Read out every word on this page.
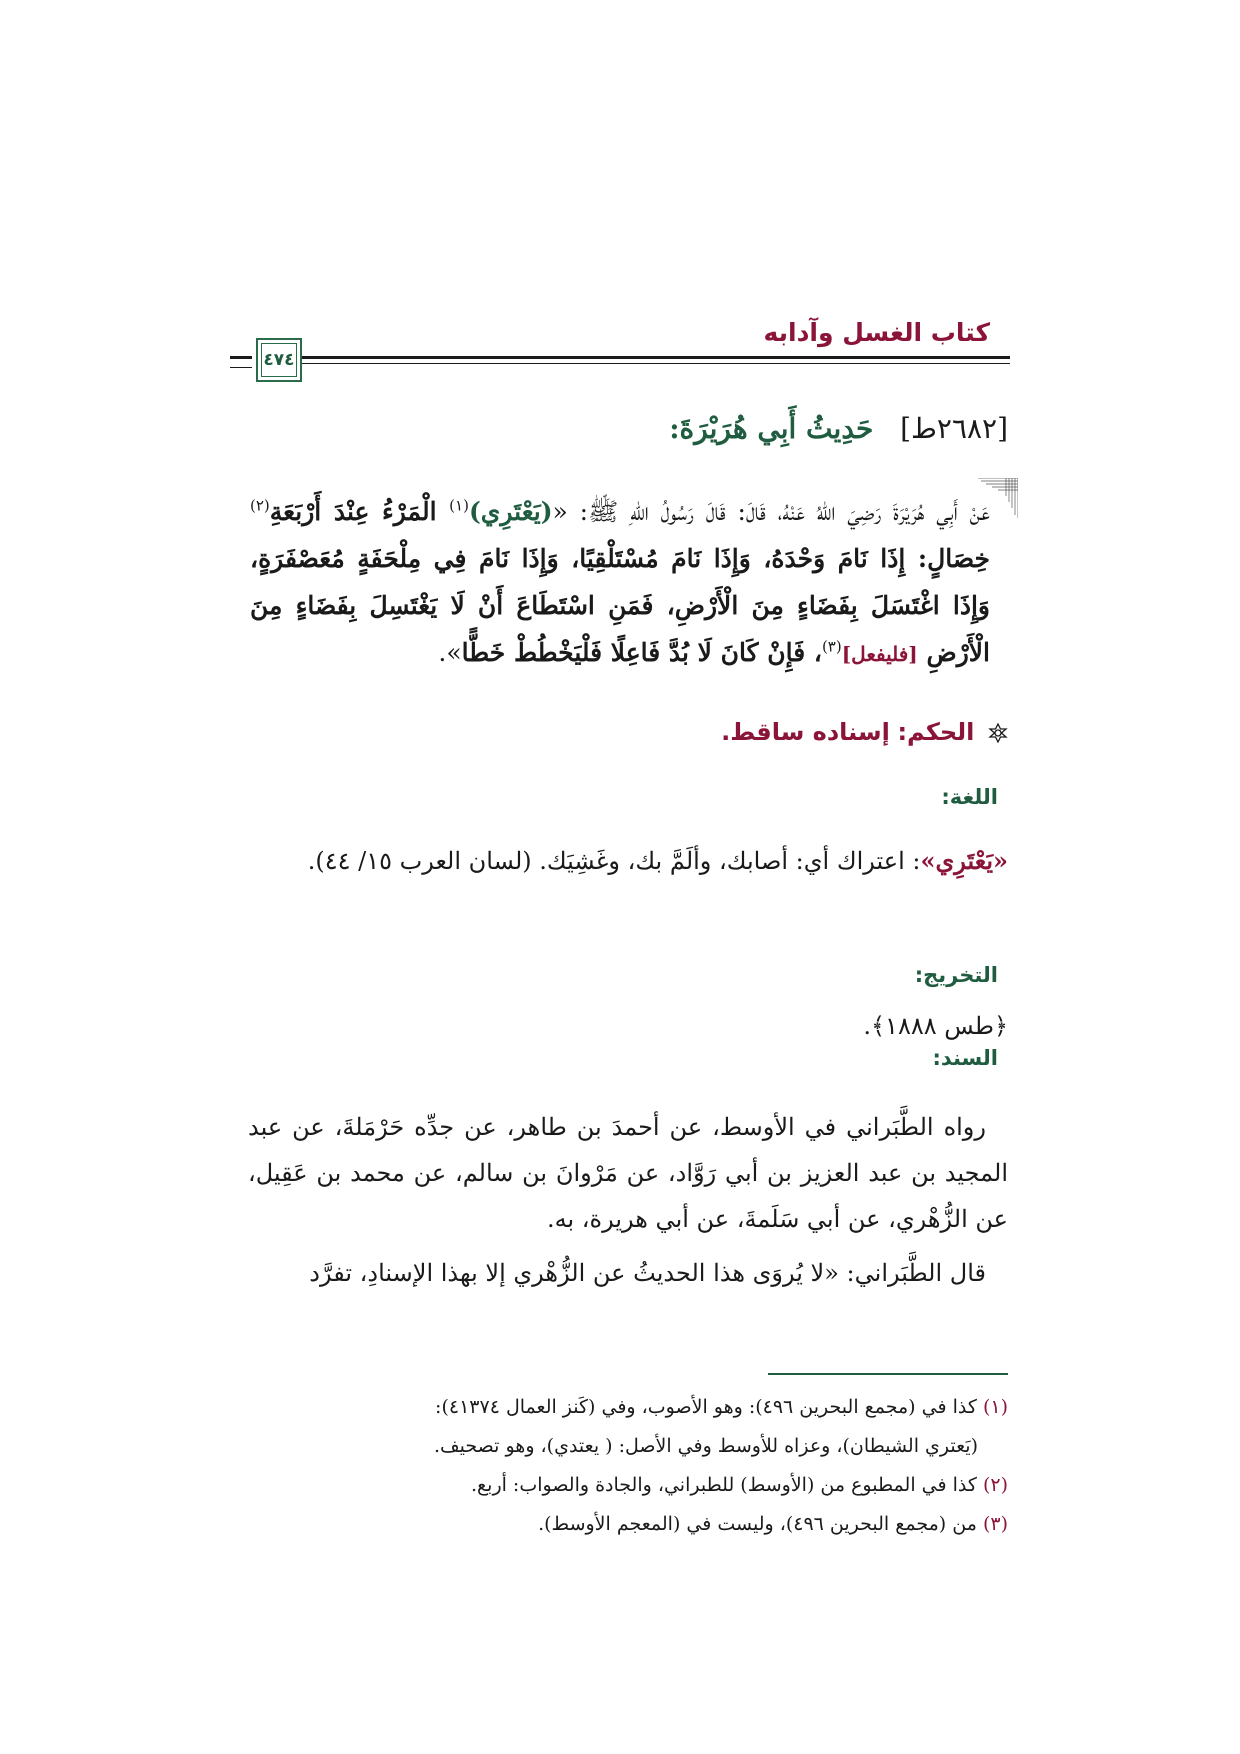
كتاب الغسل وآدابه
٤٧٤
[٢٦٨٢ط]   حَدِيثُ أَبِي هُرَيْرَةَ:
عَنْ أَبِي هُرَيْرَةَ رَضِيَ اللهُ عَنْهُ، قَالَ: قَالَ رَسُولُ اللهِ ﷺ: «(يَعْتَرِي)$^{(١)}$ الْمَرْءُ عِنْدَ أَرْبَعَةِ$^{(٢)}$ خِصَالٍ: إِذَا نَامَ وَحْدَهُ، وَإِذَا نَامَ مُسْتَلْقِيًا، وَإِذَا نَامَ فِي مِلْحَفَةٍ مُعَصْفَرَةٍ، وَإِذَا اغْتَسَلَ بِفَضَاءٍ مِنَ الْأَرْضِ، فَمَنِ اسْتَطَاعَ أَنْ لَا يَغْتَسِلَ بِفَضَاءٍ مِنَ الْأَرْضِ [فليفعل]$^{(٣)}$، فَإِنْ كَانَ لَا بُدَّ فَاعِلًا فَلْيَخْطُطْ خَطًّا».
الحكم: إسناده ساقط.
اللغة:
«يَعْتَرِي»: اعتراك أي: أصابك، وألَمَّ بك، وغَشِيَك. (لسان العرب ١٥/ ٤٤).
التخريج:
﴿طس ١٨٨٨﴾.
السند:
رواه الطَّبَراني في الأوسط، عن أحمدَ بن طاهر، عن جدِّه حَرْمَلةَ، عن عبد المجيد بن عبد العزيز بن أبي رَوَّاد، عن مَرْوانَ بن سالم، عن محمد بن عَقِيل، عن الزُّهْري، عن أبي سَلَمةَ، عن أبي هريرة، به.
قال الطَّبَراني: «لا يُروَى هذا الحديثُ عن الزُّهْري إلا بهذا الإسنادِ، تفرَّد
(١) كذا في (مجمع البحرين ٤٩٦): وهو الأصوب، وفي (كَنز العمال ٤١٣٧٤):
(يَعتري الشيطان)، وعزاه للأوسط وفي الأصل: ( يعتدي)، وهو تصحيف.
(٢) كذا في المطبوع من (الأوسط) للطبراني، والجادة والصواب: أربع.
(٣) من (مجمع البحرين ٤٩٦)، وليست في (المعجم الأوسط).
